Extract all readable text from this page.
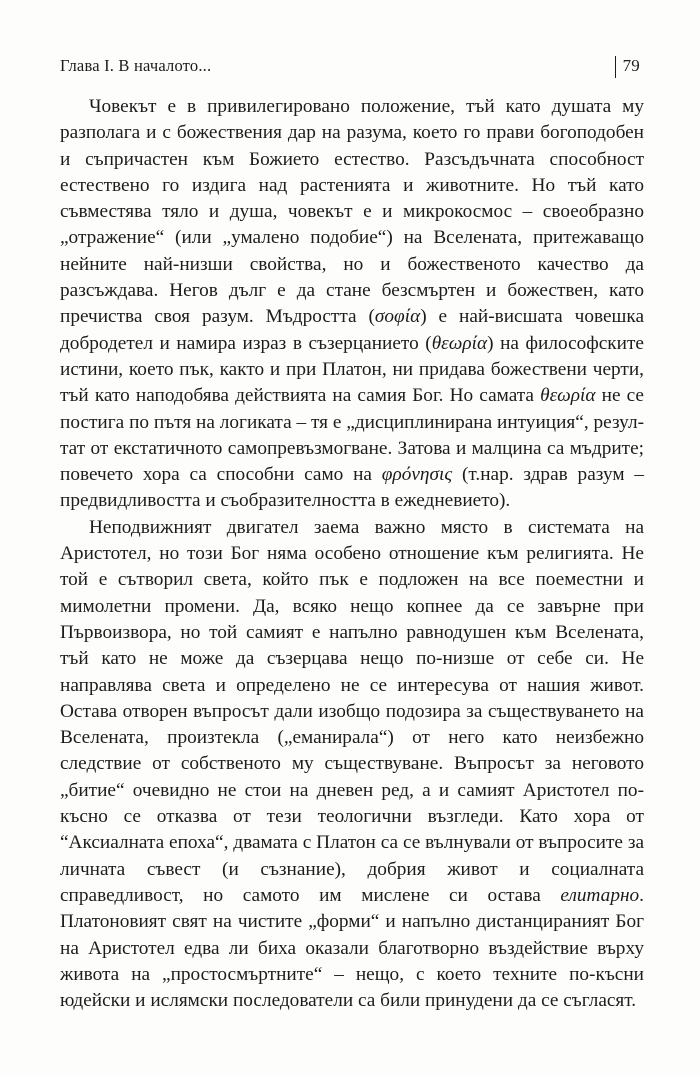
Глава I. В началото...	79

Човекът е в привилегировано положение, тъй като душата му разполага и с божествения дар на разума, което го прави богоподобен и съпричастен към Божието естество. Разсъдъчната способност естествено го издига над растенията и животните. Но тъй като съвместява тяло и душа, човекът е и микрокосмос – своеобразно „отражение“ (или „умалено подобие“) на Вселената, притежаващо нейните най-низши свойства, но и божественото качество да разсъждава. Негов дълг е да стане безсмъртен и божествен, като пречиства своя разум. Мъдростта (σοφία) е най-висшата човешка добродетел и намира израз в съзерцанието (θεωρία) на философските истини, което пък, както и при Платон, ни придава божествени черти, тъй като наподобява действията на самия Бог. Но самата θεωρία не се постига по пътя на логиката – тя е „дисциплинирана интуиция“, резултат от екстатичното самопревъзмогване. Затова и малцина са мъдрите; повечето хора са способни само на φρόνησις (т.нар. здрав разум – предвидливостта и съобразителността в ежедневието).

Неподвижният двигател заема важно място в системата на Аристотел, но този Бог няма особено отношение към религията. Не той е сътворил света, който пък е подложен на все поеместни и мимолетни промени. Да, всяко нещо копнее да се завърне при Първоизвора, но той самият е напълно равнодушен към Вселената, тъй като не може да съзерцава нещо по-низше от себе си. Не направлява света и определено не се интересува от нашия живот. Остава отворен въпросът дали изобщо подозира за съществуването на Вселената, произтекла („еманирала“) от него като неизбежно следствие от собственото му съществуване. Въпросът за неговото „битие“ очевидно не стои на дневен ред, а и самият Аристотел по-късно се отказва от тези теологични възгледи. Като хора от “Аксиалната епоха“, двамата с Платон са се вълнували от въпросите за личната съвест (и съзнание), добрия живот и социалната справедливост, но самото им мислене си остава елитарно. Платоновият свят на чистите „форми“ и напълно дистанцираният Бог на Аристотел едва ли биха оказали благотворно въздействие върху живота на „простосмъртните“ – нещо, с което техните по-късни юдейски и ислямски последователи са били принудени да се съгласят.
